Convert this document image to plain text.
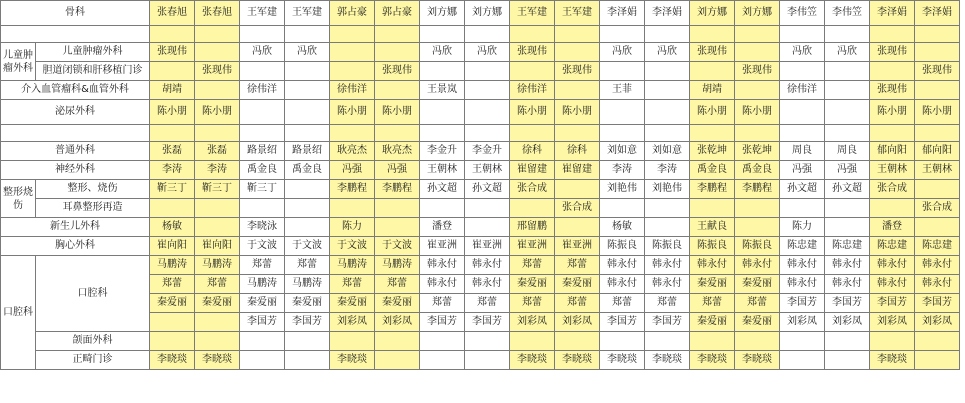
骨科		张春旭	张春旭	王军建	王军建	郭占豪	郭占豪	刘方娜	刘方娜	王军建	王军建	李泽娟	李泽娟	刘方娜	刘方娜	李伟笠	李伟笠	李泽娟	李泽娟

儿童肿瘤外科	儿童肿瘤外科	张现伟		冯欣	冯欣			冯欣	冯欣	张现伟		冯欣	冯欣	张现伟		冯欣	冯欣	张现伟	
	胆道闭锁和肝移植门诊		张现伟				张现伟				张现伟				张现伟				张现伟
介入血管瘤科&血管外科		胡靖		徐伟洋		徐伟洋		王景岚		徐伟洋		王菲		胡靖		徐伟洋		张现伟	
泌尿外科		陈小朋	陈小朋			陈小朋	陈小朋			陈小朋	陈小朋			陈小朋	陈小朋			陈小朋	陈小朋

普通外科		张磊	张磊	路景绍	路景绍	耿亮杰	耿亮杰	李金升	李金升	徐科	徐科	刘如意	刘如意	张乾坤	张乾坤	周良	周良	郁向阳	郁向阳
神经外科		李涛	李涛	禹金良	禹金良	冯强	冯强	王朝林	王朝林	崔留建	崔留建	李涛	李涛	禹金良	禹金良	冯强	冯强	王朝林	王朝林
整形烧伤	整形、烧伤	靳三丁	靳三丁	靳三丁		李鹏程	李鹏程	孙文超	孙文超	张合成		刘艳伟	刘艳伟	李鹏程	李鹏程	孙文超	孙文超	张合成	
	耳鼻整形再造										张合成								张合成
新生儿外科		杨敏		李晓泳		陈力		潘登		邢留鹏		杨敏		王献良		陈力		潘登	
胸心外科		崔向阳	崔向阳	于文波	于文波	于文波	于文波	崔亚洲	崔亚洲	崔亚洲	崔亚洲	陈振良	陈振良	陈振良	陈振良	陈忠建	陈忠建	陈忠建	陈忠建
口腔科	口腔科	马鹏涛	马鹏涛	郑蕾	郑蕾	马鹏涛	马鹏涛	韩永付	韩永付	郑蕾	郑蕾	韩永付	韩永付	韩永付	韩永付	韩永付	韩永付	韩永付	韩永付
		郑蕾	郑蕾	马鹏涛	马鹏涛	郑蕾	郑蕾	韩永付	韩永付	秦爱丽	秦爱丽	韩永付	韩永付	秦爱丽	秦爱丽	韩永付	韩永付	韩永付	韩永付
		秦爱丽	秦爱丽	秦爱丽	秦爱丽	秦爱丽	秦爱丽	郑蕾	郑蕾	郑蕾	郑蕾	郑蕾	郑蕾	郑蕾	郑蕾	李国芳	李国芳	李国芳	李国芳
				李国芳	李国芳	刘彩凤	刘彩凤	李国芳	李国芳	刘彩凤	刘彩凤	李国芳	李国芳	秦爱丽	秦爱丽	刘彩凤	刘彩凤	刘彩凤	刘彩凤
	颌面外科																		
	正畸门诊	李晓琰	李晓琰			李晓琰				李晓琰	李晓琰	李晓琰	李晓琰	李晓琰	李晓琰			李晓琰	
